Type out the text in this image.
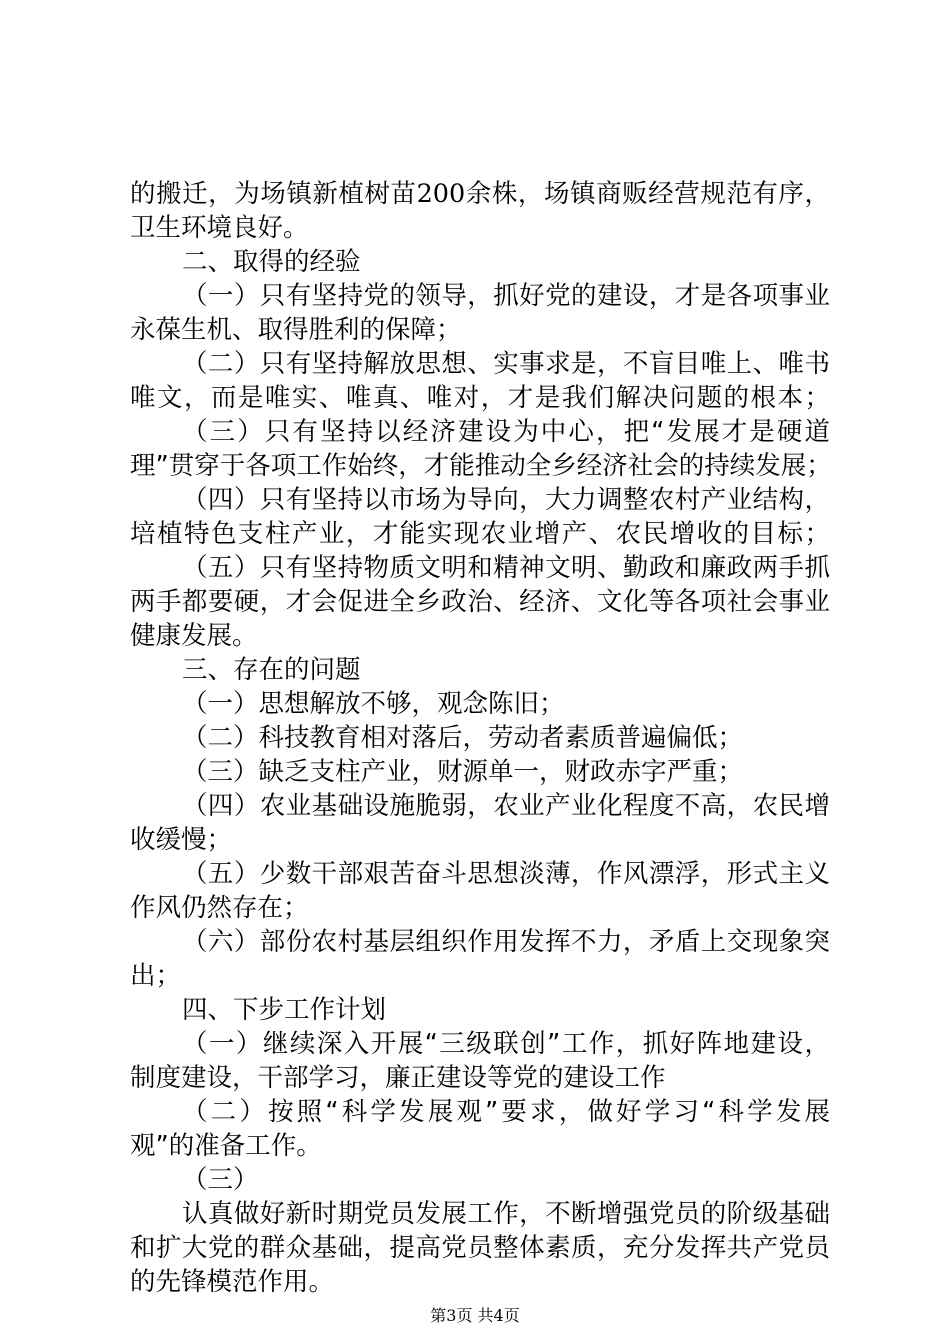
的搬迁，为场镇新植树苗200余株，场镇商贩经营规范有序，
卫生环境良好。
二、取得的经验
（一）只有坚持党的领导，抓好党的建设，才是各项事业
永葆生机、取得胜利的保障；
（二）只有坚持解放思想、实事求是，不盲目唯上、唯书
唯文，而是唯实、唯真、唯对，才是我们解决问题的根本；
（三）只有坚持以经济建设为中心，把“发展才是硬道
理”贯穿于各项工作始终，才能推动全乡经济社会的持续发展；
（四）只有坚持以市场为导向，大力调整农村产业结构，
培植特色支柱产业，才能实现农业增产、农民增收的目标；
（五）只有坚持物质文明和精神文明、勤政和廉政两手抓
两手都要硬，才会促进全乡政治、经济、文化等各项社会事业
健康发展。
三、存在的问题
（一）思想解放不够，观念陈旧；
（二）科技教育相对落后，劳动者素质普遍偏低；
（三）缺乏支柱产业，财源单一，财政赤字严重；
（四）农业基础设施脆弱，农业产业化程度不高，农民增
收缓慢；
（五）少数干部艰苦奋斗思想淡薄，作风漂浮，形式主义
作风仍然存在；
（六）部份农村基层组织作用发挥不力，矛盾上交现象突
出；
四、下步工作计划
（一）继续深入开展“三级联创”工作，抓好阵地建设，
制度建设，干部学习，廉正建设等党的建设工作
（二）按照“科学发展观”要求，做好学习“科学发展
观”的准备工作。
（三）
认真做好新时期党员发展工作，不断增强党员的阶级基础
和扩大党的群众基础，提高党员整体素质，充分发挥共产党员
的先锋模范作用。
第3页 共4页
